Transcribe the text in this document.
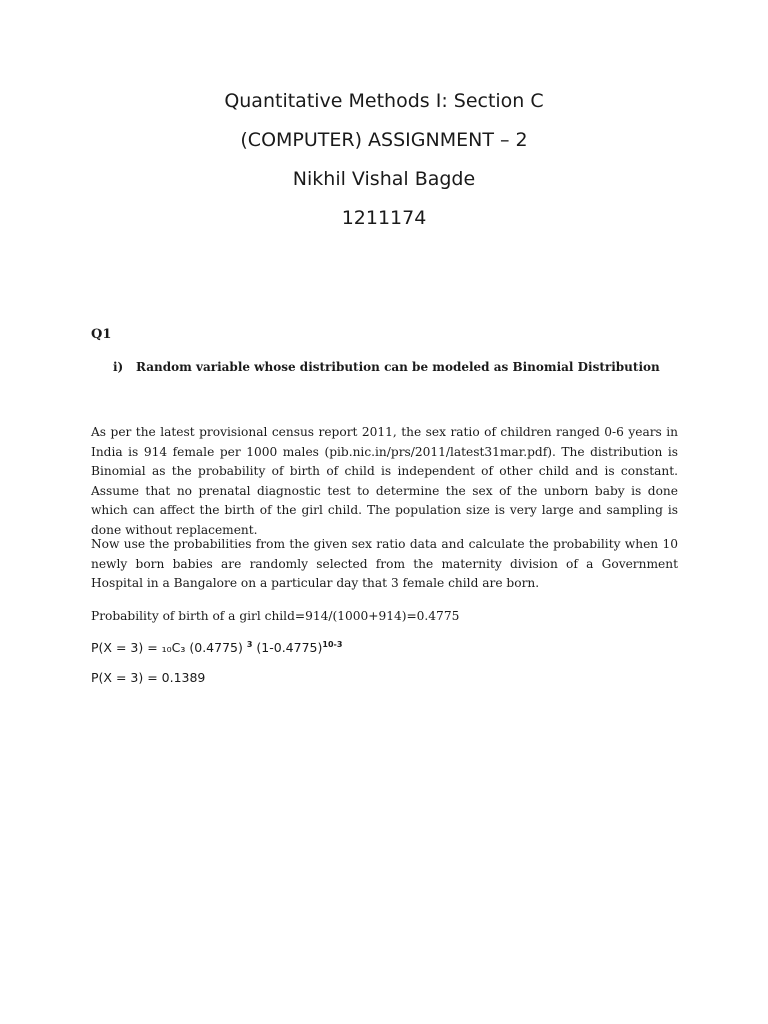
Quantitative Methods I: Section C
(COMPUTER) ASSIGNMENT – 2
Nikhil Vishal Bagde
1211174
Q1
i) Random variable whose distribution can be modeled as Binomial Distribution
As per the latest provisional census report 2011, the sex ratio of children ranged 0-6 years in India is 914 female per 1000 males (pib.nic.in/prs/2011/latest31mar.pdf). The distribution is Binomial as the probability of birth of child is independent of other child and is constant. Assume that no prenatal diagnostic test to determine the sex of the unborn baby is done which can affect the birth of the girl child. The population size is very large and sampling is done without replacement.
Now use the probabilities from the given sex ratio data and calculate the probability when 10 newly born babies are randomly selected from the maternity division of a Government Hospital in a Bangalore on a particular day that 3 female child are born.
Probability of birth of a girl child=914/(1000+914)=0.4775
P(X = 3) = ₁₀C₃ (0.4775) $^3$ $(1-0.4775)^{10-3}$
P(X = 3) = 0.1389
